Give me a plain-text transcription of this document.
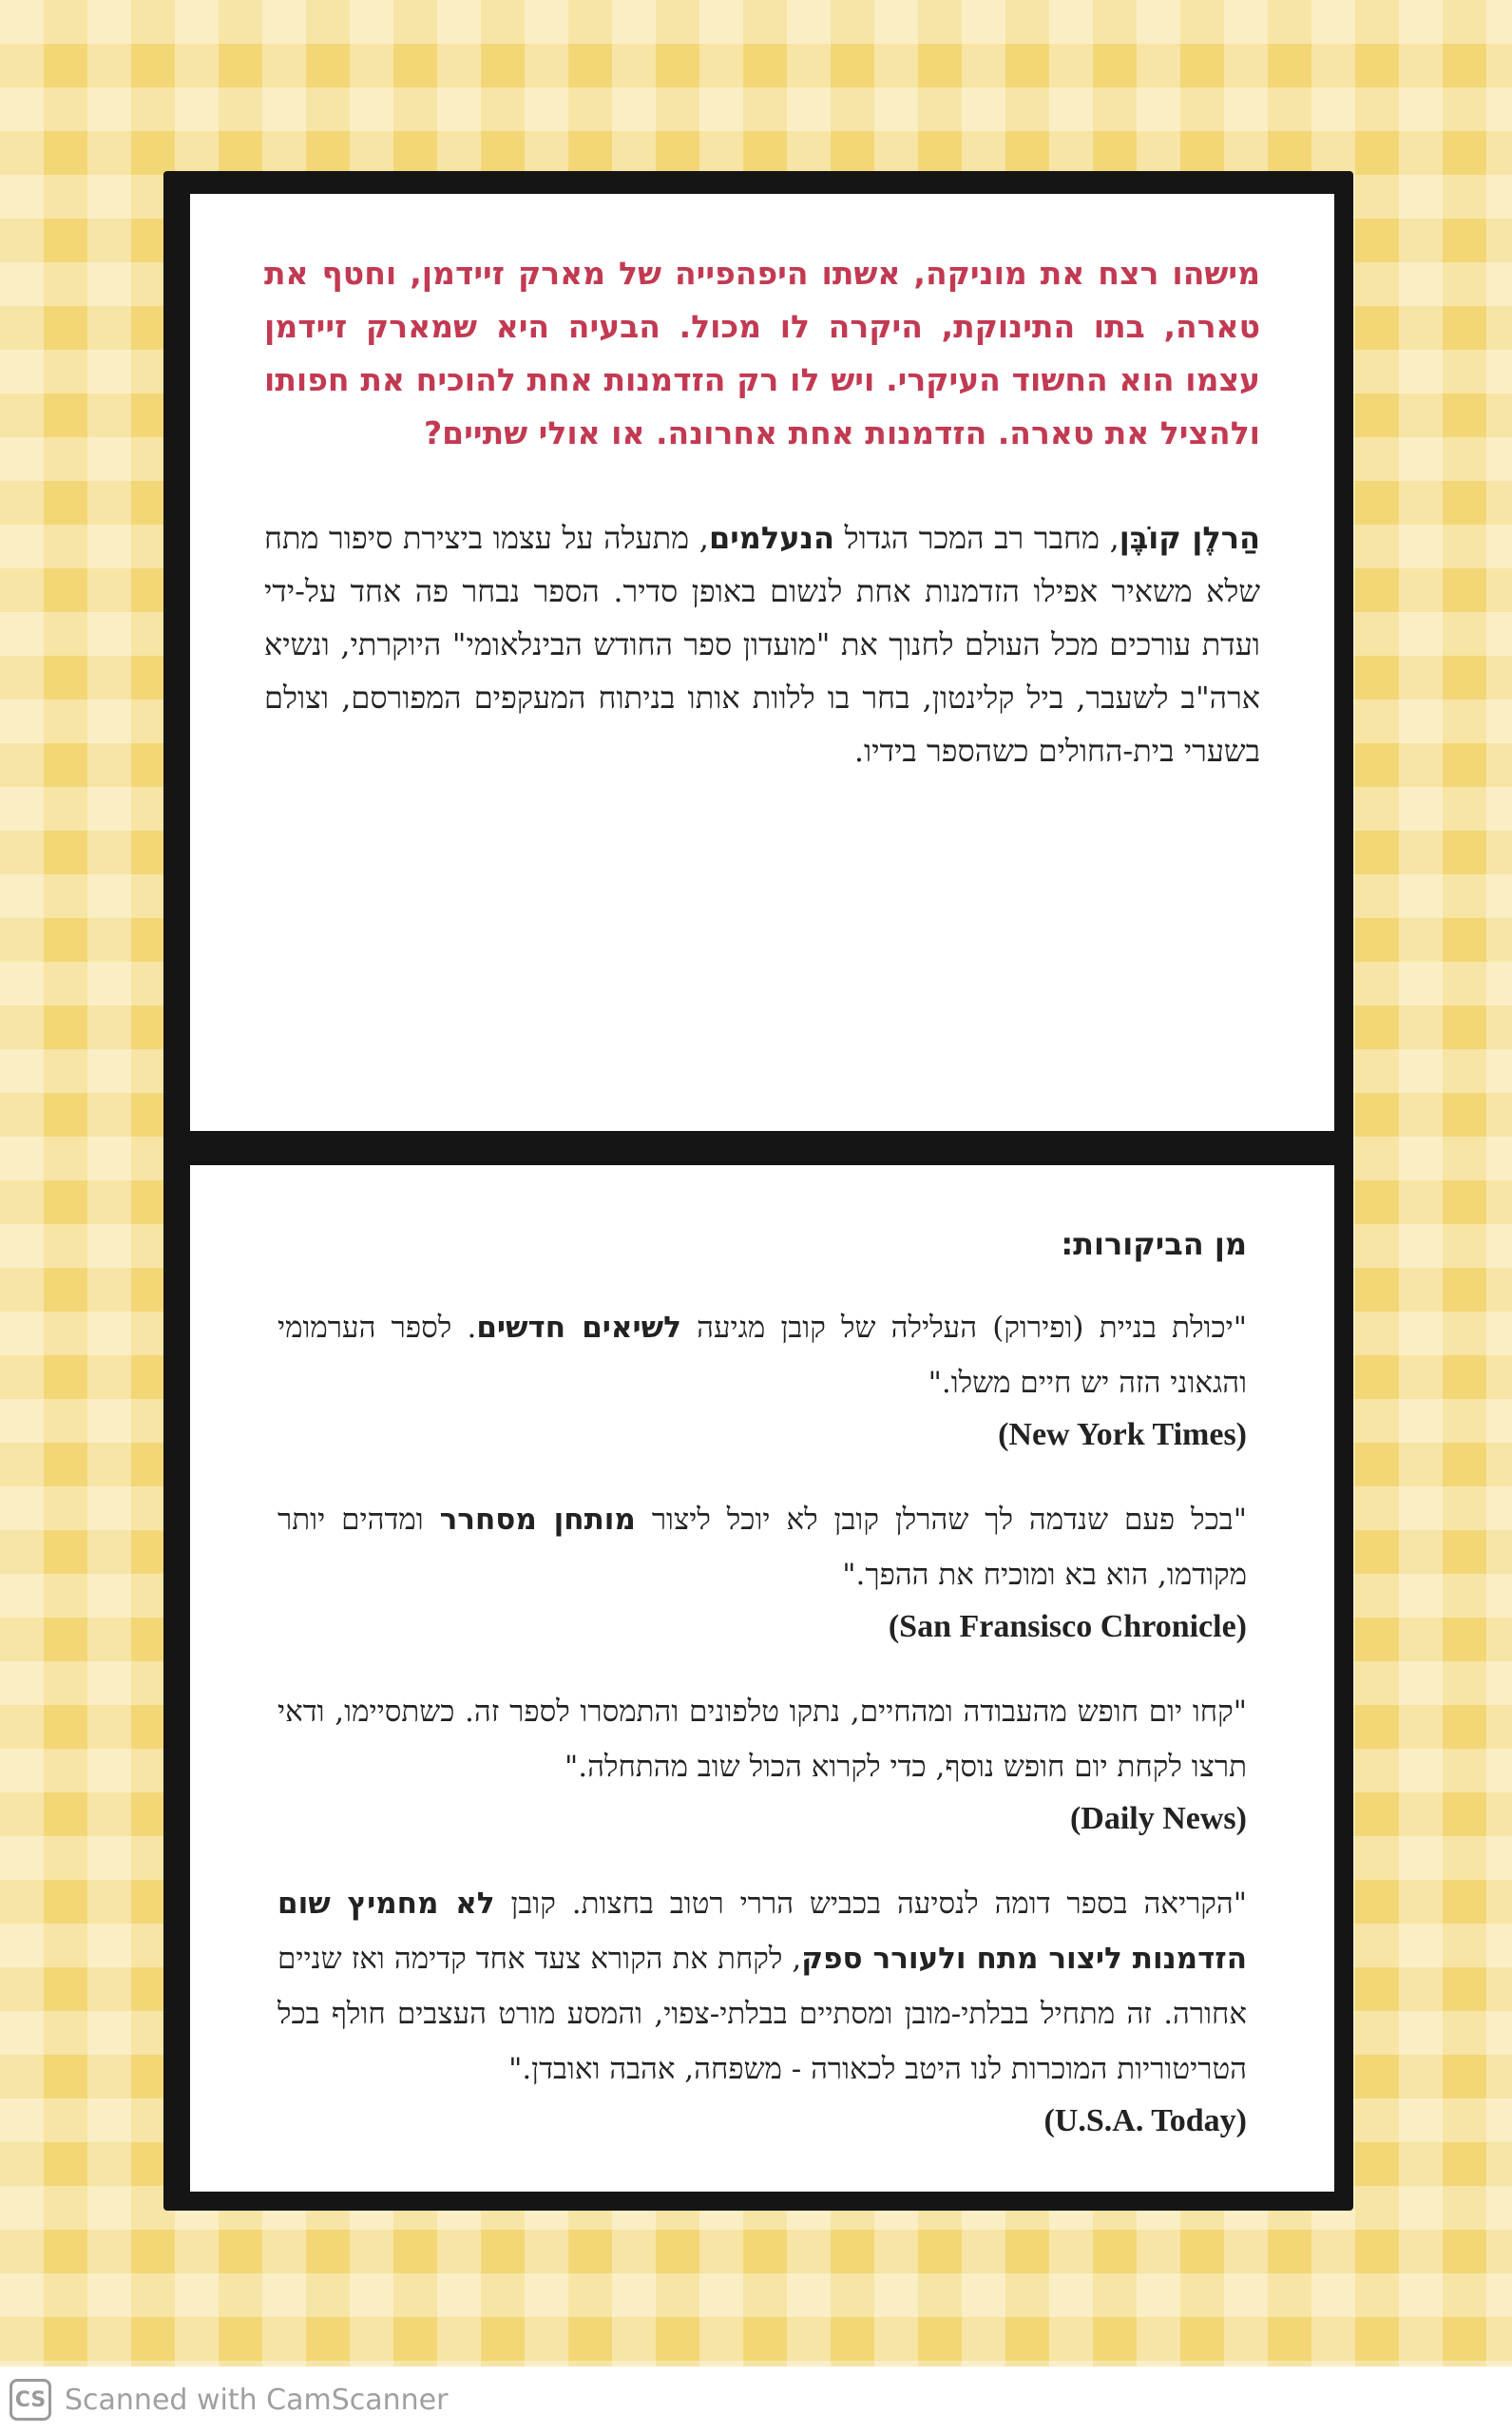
מישהו רצח את מוניקה, אשתו היפהפייה של מארק זיידמן, וחטף את טארה, בתו התינוקת, היקרה לו מכול. הבעיה היא שמארק זיידמן עצמו הוא החשוד העיקרי. ויש לו רק הזדמנות אחת להוכיח את חפותו ולהציל את טארה. הזדמנות אחת אחרונה. או אולי שתיים?

הַרלֶן קוֹבֶּן, מחבר רב המכר הגדול הנעלמים, מתעלה על עצמו ביצירת סיפור מתח שלא משאיר אפילו הזדמנות אחת לנשום באופן סדיר. הספר נבחר פה אחד על-ידי ועדת עורכים מכל העולם לחנוך את "מועדון ספר החודש הבינלאומי" היוקרתי, ונשיא ארה"ב לשעבר, ביל קלינטון, בחר בו ללוות אותו בניתוח המעקפים המפורסם, וצולם בשערי בית-החולים כשהספר בידיו.

מן הביקורות:

"יכולת בניית (ופירוק) העלילה של קובן מגיעה לשיאים חדשים. לספר הערמומי והגאוני הזה יש חיים משלו."

(New York Times)

"בכל פעם שנדמה לך שהרלן קובן לא יוכל ליצור מותחן מסחרר ומדהים יותר מקודמו, הוא בא ומוכיח את ההפך."

(San Fransisco Chronicle)

"קחו יום חופש מהעבודה ומהחיים, נתקו טלפונים והתמסרו לספר זה. כשתסיימו, ודאי תרצו לקחת יום חופש נוסף, כדי לקרוא הכול שוב מהתחלה."

(Daily News)

"הקריאה בספר דומה לנסיעה בכביש הררי רטוב בחצות. קובן לא מחמיץ שום הזדמנות ליצור מתח ולעורר ספק, לקחת את הקורא צעד אחד קדימה ואז שניים אחורה. זה מתחיל בבלתי-מובן ומסתיים בבלתי-צפוי, והמסע מורט העצבים חולף בכל הטריטוריות המוכרות לנו היטב לכאורה - משפחה, אהבה ואובדן."

(U.S.A. Today)

CS Scanned with CamScanner
